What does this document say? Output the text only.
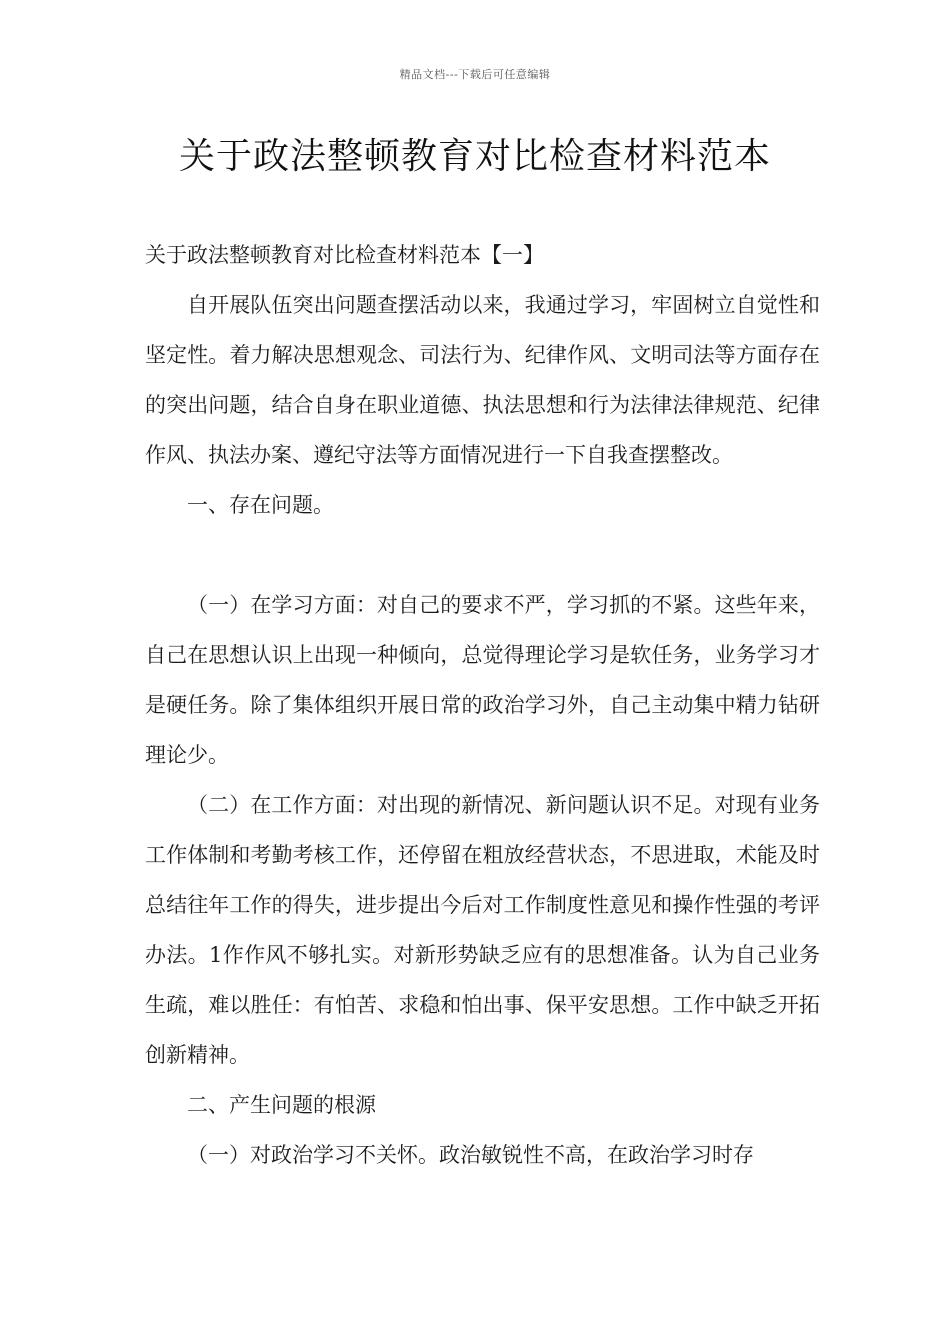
精品文档---下载后可任意编辑
关于政法整顿教育对比检查材料范本

关于政法整顿教育对比检查材料范本【一】

自开展队伍突出问题查摆活动以来，我通过学习，牢固树立自觉性和坚定性。着力解决思想观念、司法行为、纪律作风、文明司法等方面存在的突出问题，结合自身在职业道德、执法思想和行为法律法律规范、纪律作风、执法办案、遵纪守法等方面情况进行一下自我查摆整改。

一、存在问题。

（一）在学习方面：对自己的要求不严，学习抓的不紧。这些年来，自己在思想认识上出现一种倾向，总觉得理论学习是软任务，业务学习才是硬任务。除了集体组织开展日常的政治学习外，自己主动集中精力钻研理论少。

（二）在工作方面：对出现的新情况、新问题认识不足。对现有业务工作体制和考勤考核工作，还停留在粗放经营状态，不思进取，术能及时总结往年工作的得失，进步提出今后对工作制度性意见和操作性强的考评办法。1作作风不够扎实。对新形势缺乏应有的思想准备。认为自己业务生疏，难以胜任：有怕苦、求稳和怕出事、保平安思想。工作中缺乏开拓创新精神。

二、产生问题的根源

（一）对政治学习不关怀。政治敏锐性不高，在政治学习时存
